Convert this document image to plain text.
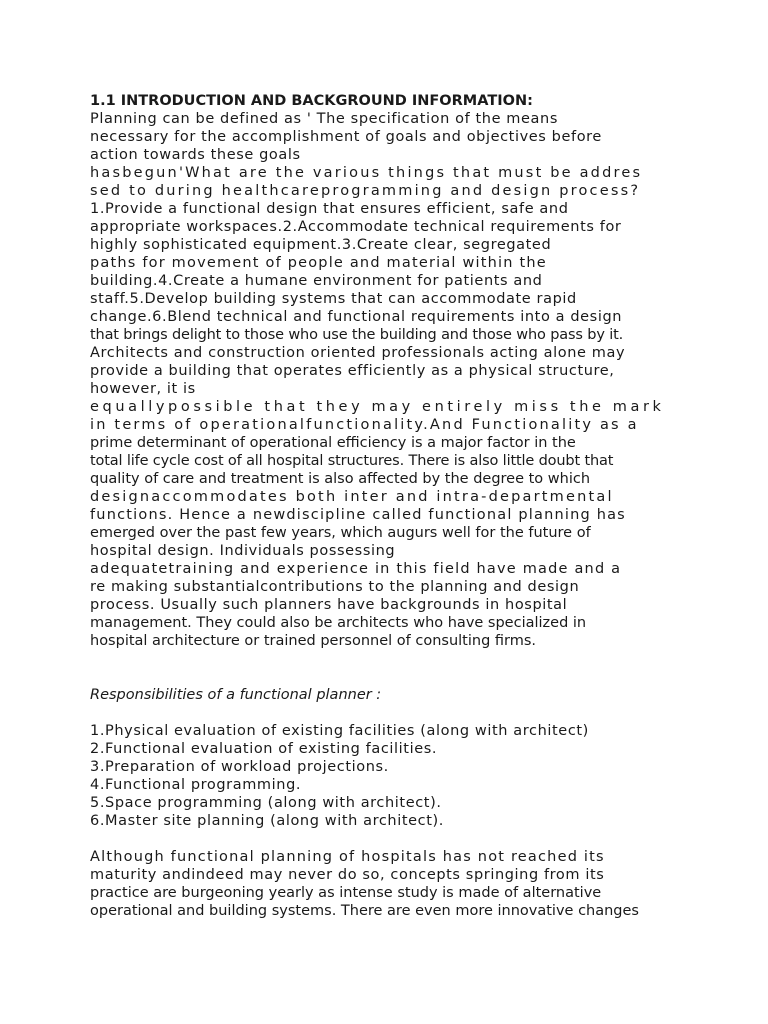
1.1 INTRODUCTION AND BACKGROUND INFORMATION:

Planning can be defined as ' The specification of the means

necessary for the accomplishment of goals and objectives before

action towards these goals

hasbegun'What are the various things that must be addres

sed to during healthcareprogramming and design process?

1.Provide a functional design that ensures efficient, safe and

appropriate workspaces.2.Accommodate technical requirements for

highly sophisticated equipment.3.Create clear, segregated

paths for movement of people and material within the

building.4.Create a humane environment for patients and

staff.5.Develop building systems that can accommodate rapid

change.6.Blend technical and functional requirements into a design

that brings delight to those who use the building and those who pass by it.

Architects and construction oriented professionals acting alone may

provide a building that operates efficiently as a physical structure,

however, it is

equallypossible that they may entirely miss the mark

in terms of operationalfunctionality.And Functionality as a

prime determinant of operational efficiency is a major factor in the

total life cycle cost of all hospital structures. There is also little doubt that

quality of care and treatment is also affected by the degree to which

designaccommodates both inter and intra-departmental

functions. Hence a newdiscipline called functional planning has

emerged over the past few years, which augurs well for the future of

hospital design. Individuals possessing

adequatetraining and experience in this field have made and a

re making substantialcontributions to the planning and design

process. Usually such planners have backgrounds in hospital

management. They could also be architects who have specialized in

hospital architecture or trained personnel of consulting firms.

Responsibilities of a functional planner :

1.Physical evaluation of existing facilities (along with architect)

2.Functional evaluation of existing facilities.

3.Preparation of workload projections.

4.Functional programming.

5.Space programming (along with architect).

6.Master site planning (along with architect).

Although functional planning of hospitals has not reached its

maturity andindeed may never do so, concepts springing from its

practice are burgeoning yearly as intense study is made of alternative

operational and building systems. There are even more innovative changes
